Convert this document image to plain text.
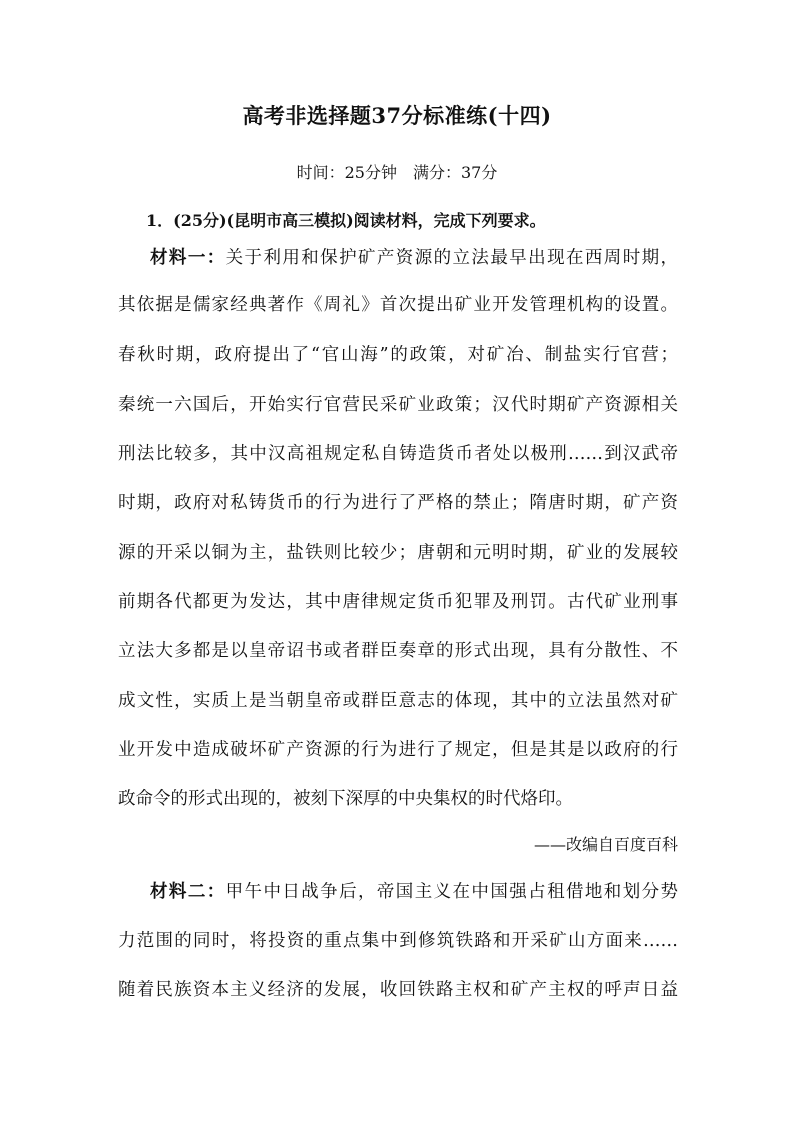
高考非选择题37分标准练(十四)
时间：25分钟　满分：37分
1．(25分)(昆明市高三模拟)阅读材料，完成下列要求。
材料一：关于利用和保护矿产资源的立法最早出现在西周时期，
其依据是儒家经典著作《周礼》首次提出矿业开发管理机构的设置。
春秋时期，政府提出了“官山海”的政策，对矿冶、制盐实行官营；
秦统一六国后，开始实行官营民采矿业政策；汉代时期矿产资源相关
刑法比较多，其中汉高祖规定私自铸造货币者处以极刑……到汉武帝
时期，政府对私铸货币的行为进行了严格的禁止；隋唐时期，矿产资
源的开采以铜为主，盐铁则比较少；唐朝和元明时期，矿业的发展较
前期各代都更为发达，其中唐律规定货币犯罪及刑罚。古代矿业刑事
立法大多都是以皇帝诏书或者群臣奏章的形式出现，具有分散性、不
成文性，实质上是当朝皇帝或群臣意志的体现，其中的立法虽然对矿
业开发中造成破坏矿产资源的行为进行了规定，但是其是以政府的行
政命令的形式出现的，被刻下深厚的中央集权的时代烙印。
——改编自百度百科
材料二：甲午中日战争后，帝国主义在中国强占租借地和划分势
力范围的同时，将投资的重点集中到修筑铁路和开采矿山方面来……
随着民族资本主义经济的发展，收回铁路主权和矿产主权的呼声日益
